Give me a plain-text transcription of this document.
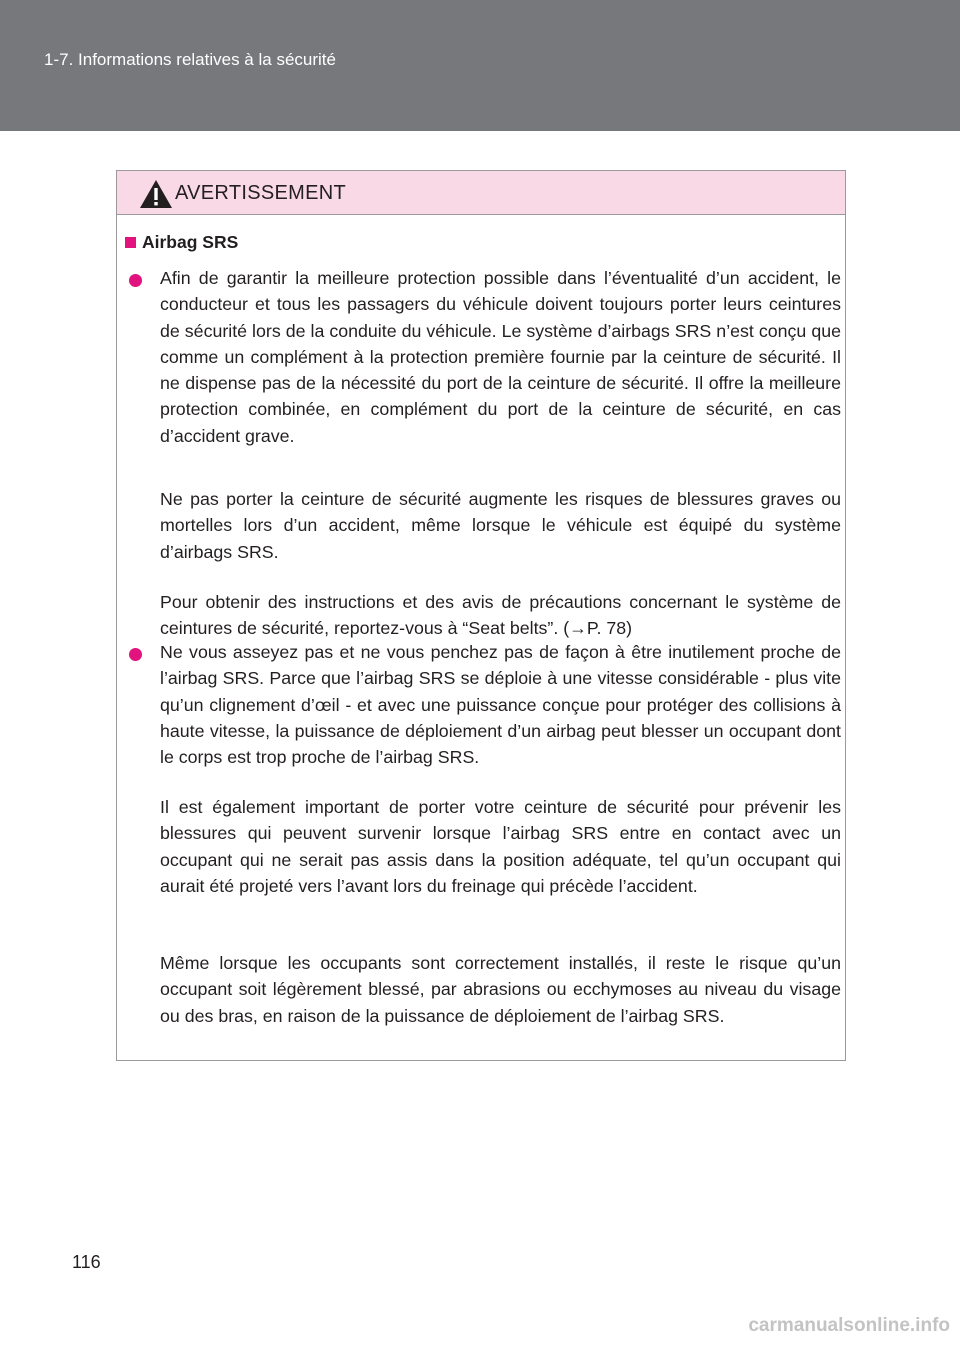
1-7. Informations relatives à la sécurité
AVERTISSEMENT
Airbag SRS

Afin de garantir la meilleure protection possible dans l’éventualité d’un accident, le conducteur et tous les passagers du véhicule doivent toujours porter leurs ceintures de sécurité lors de la conduite du véhicule. Le système d’airbags SRS n’est conçu que comme un complément à la protection première fournie par la ceinture de sécurité. Il ne dispense pas de la nécessité du port de la ceinture de sécurité. Il offre la meilleure protection combinée, en complément du port de la ceinture de sécurité, en cas d’accident grave.

Ne pas porter la ceinture de sécurité augmente les risques de blessures graves ou mortelles lors d’un accident, même lorsque le véhicule est équipé du système d’airbags SRS.

Pour obtenir des instructions et des avis de précautions concernant le système de ceintures de sécurité, reportez-vous à “Seat belts”. (→P. 78)

Ne vous asseyez pas et ne vous penchez pas de façon à être inutilement proche de l’airbag SRS. Parce que l’airbag SRS se déploie à une vitesse considérable - plus vite qu’un clignement d’œil - et avec une puissance conçue pour protéger des collisions à haute vitesse, la puissance de déploiement d’un airbag peut blesser un occupant dont le corps est trop proche de l’airbag SRS.

Il est également important de porter votre ceinture de sécurité pour prévenir les blessures qui peuvent survenir lorsque l’airbag SRS entre en contact avec un occupant qui ne serait pas assis dans la position adéquate, tel qu’un occupant qui aurait été projeté vers l’avant lors du freinage qui précède l’accident.

Même lorsque les occupants sont correctement installés, il reste le risque qu’un occupant soit légèrement blessé, par abrasions ou ecchymoses au niveau du visage ou des bras, en raison de la puissance de déploiement de l’airbag SRS.

116
carmanualsonline.info
